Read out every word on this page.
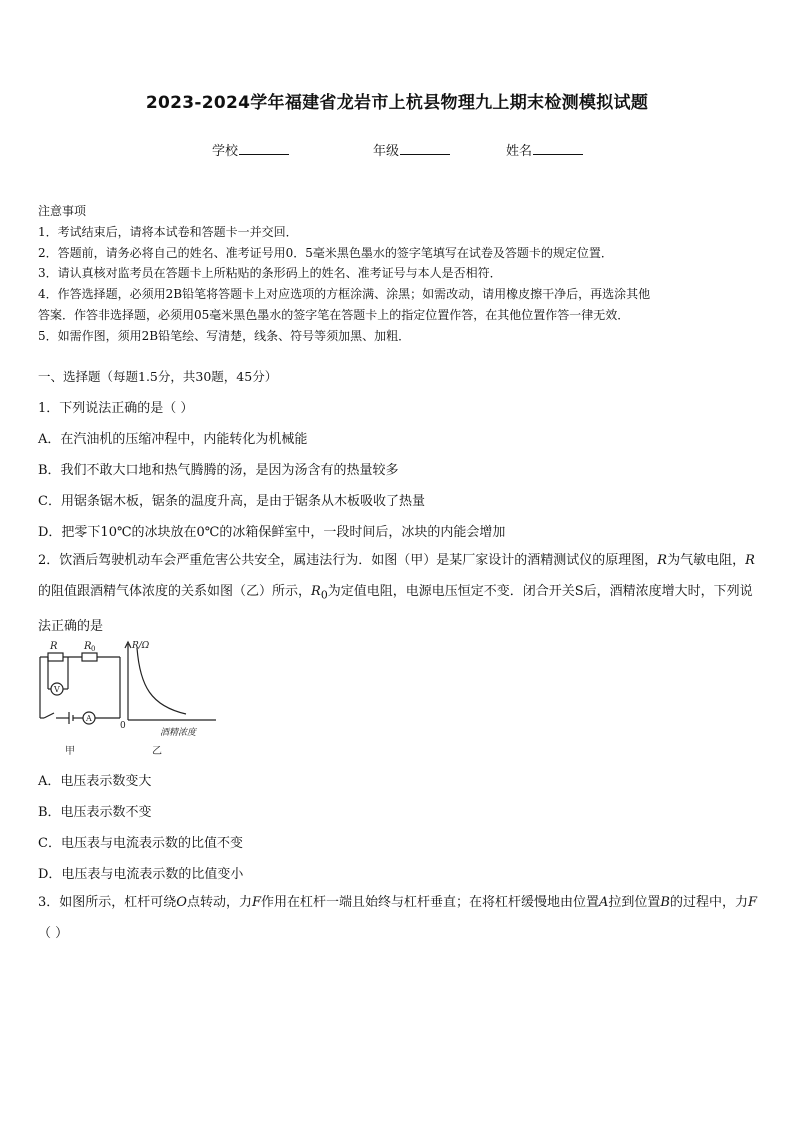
2023-2024学年福建省龙岩市上杭县物理九上期末检测模拟试题
学校	年级	姓名
注意事项
1．考试结束后，请将本试卷和答题卡一并交回．
2．答题前，请务必将自己的姓名、准考证号用0．5毫米黑色墨水的签字笔填写在试卷及答题卡的规定位置．
3．请认真核对监考员在答题卡上所粘贴的条形码上的姓名、准考证号与本人是否相符．
4．作答选择题，必须用2B铅笔将答题卡上对应选项的方框涂满、涂黑；如需改动，请用橡皮擦干净后，再选涂其他
答案．作答非选择题，必须用05毫米黑色墨水的签字笔在答题卡上的指定位置作答，在其他位置作答一律无效．
5．如需作图，须用2B铅笔绘、写清楚，线条、符号等须加黑、加粗．
一、选择题（每题1.5分，共30题，45分）
1．下列说法正确的是（ ）
A．在汽油机的压缩冲程中，内能转化为机械能
B．我们不敢大口地和热气腾腾的汤，是因为汤含有的热量较多
C．用锯条锯木板，锯条的温度升高，是由于锯条从木板吸收了热量
D．把零下10℃的冰块放在0℃的冰箱保鲜室中，一段时间后，冰块的内能会增加
2．饮酒后驾驶机动车会严重危害公共安全，属违法行为．如图（甲）是某厂家设计的酒精测试仪的原理图，R为气敏电阻，R的阻值跟酒精气体浓度的关系如图（乙）所示，$R_0$为定值电阻，电源电压恒定不变．闭合开关S后，酒精浓度增大时，下列说法正确的是
R	R 0
V
A
甲
R/Ω
0
酒精浓度
乙
A．电压表示数变大
B．电压表示数不变
C．电压表与电流表示数的比值不变
D．电压表与电流表示数的比值变小
3．如图所示，杠杆可绕O点转动，力F作用在杠杆一端且始终与杠杆垂直；在将杠杆缓慢地由位置A拉到位置B的过程中，力F（ ）
